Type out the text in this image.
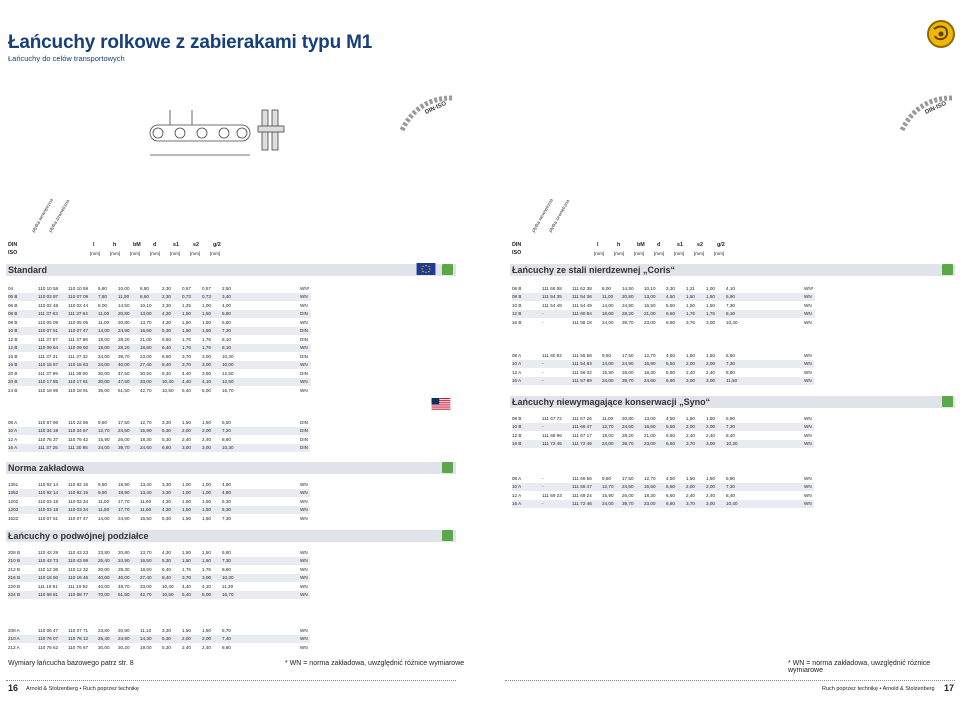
Łańcuchy rolkowe z zabierakami typu M1
Łańcuchy do celów transportowych
DIN·ISO	DIN·ISO
płytka wewnętrzna
płytka zewnętrzna	płytka wewnętrzna
płytka zewnętrzna
DIN
ISO
l	h	bM d	s1	s2	g/2
[mm] [mm] [mm] [mm] [mm] [mm] [mm]
DIN
ISO
l	h	bM d	s1	s2	g/2
[mm] [mm] [mm] [mm] [mm] [mm] [mm]
Standard
Norma zakładowa
Łańcuchy o podwójnej podziałce
Łańcuchy ze stali nierdzewnej „Coris“
Łańcuchy niewymagające konserwacji „Syno“
04	110 10 58	110 10 59	5,80	10,00	6,80	2,30	0,57	0,57	2,50	WN*
05 B	110 03 97	110 07 09	7,80	11,90	8,60	2,30	0,73	0,73	3,40	WN
06 B	110 02 48	110 02 44	8,00	14,50	10,10	3,30	1,25	1,00	4,00	WN
08 B	111 37 63	111 37 64	11,00	20,80	13,00	4,30	1,50	1,50	5,80	DIN
08 B	110 05 09	110 05 05	11,00	20,80	13,70	4,30	1,50	1,50	5,80	WN
10 B	110 07 51	110 07 47	14,00	24,90	16,50	5,30	1,50	1,50	7,30	DIN
12 B	111 37 87	111 37 88	18,00	28,20	21,00	6,60	1,76	1,76	8,10	DIN
12 B	110 09 64	110 09 60	18,00	28,20	18,50	6,40	1,76	1,76	8,10	WN
16 B	111 37 31	111 37 32	24,00	39,70	23,00	6,60	3,70	3,00	10,30	DIN
16 B	110 15 67	110 15 63	24,00	40,00	27,40	8,40	3,70	3,00	10,00	WN
20 B	111 37 99	111 38 00	30,00	47,50	30,50	8,40	4,40	3,50	12,50	DIN
20 B	110 17 85	110 17 81	30,00	47,50	33,00	10,40	4,40	4,10	12,50	WN
24 B	110 18 95	110 18 91	36,00	61,50	42,70	10,50	5,40	5,00	16,70	WN
08 A	110 67 96	110 22 86	9,50	17,50	12,70	3,30	1,50	1,50	5,50	DIN
10 A	110 34 19	110 34 67	12,70	24,60	15,90	5,30	2,00	2,00	7,20	DIN
12 A	110 76 37	110 76 42	15,90	26,00	18,30	5,30	2,40	2,40	8,60	DIN
16 A	111 37 25	111 30 95	24,00	39,70	24,60	6,60	3,00	3,00	10,30	DIN
1351	110 92 14	110 92 15	9,50	18,90	13,40	3,30	1,00	1,00	4,80	WN
1352	110 92 14	110 92 15	9,50	18,90	13,40	3,30	1,00	1,00	4,80	WN
1202	110 03 18	110 03 34	11,50	17,70	11,60	4,30	1,50	1,50	5,30	WN
1203	110 03 18	110 03 34	11,50	17,70	11,60	4,30	1,50	1,50	5,30	WN
1622	110 07 51	110 07 47	14,00	24,90	16,50	5,30	1,50	1,50	7,30	WN
208 B	110 43 29	110 43 23	23,80	20,80	13,70	4,30	1,50	1,50	5,80	WN
210 B	110 43 73	110 43 69	25,40	24,90	16,50	5,30	1,50	1,50	7,30	WN
212 B	110 12 36	110 12 32	20,00	28,30	18,50	6,40	1,76	1,76	8,60	WN
216 B	110 16 50	110 16 46	40,00	40,00	27,40	8,40	3,70	3,00	10,30	WN
220 B	111 19 91	111 19 92	40,00	48,70	33,00	10,40	4,40	4,10	11,30	WN
224 B	110 68 81	110 68 77	70,00	61,50	42,70	10,50	5,40	5,00	16,70	WN
208 A	110 06 47	110 07 71	23,80	20,90	11,10	3,30	1,50	1,50	5,70	WN
210 A	110 76 07	110 76 12	25,40	24,90	14,30	5,30	2,00	2,00	7,40	WN
212 A	110 76 62	110 76 67	30,00	30,20	19,00	5,30	2,40	2,40	8,80	WN
06 B	111 68 58	111 62 38	8,00	14,50	10,10	3,30	1,21	1,00	4,10	WN*
08 B	111 54 35	111 54 36	11,00	20,80	13,00	4,50	1,50	1,50	5,90	WN
10 B	111 54 48	111 54 49	14,00	24,90	16,50	5,50	1,50	1,50	7,30	WN
12 B	-	111 60 84	18,00	28,20	21,00	6,60	1,76	1,76	8,10	WN
16 B	-	111 58 18	24,00	39,70	23,00	6,60	3,76	3,00	10,40	WN
08 A	111 60 92	111 55 58	9,50	17,50	12,70	4,50	1,50	1,50	5,60	WN
10 A	-	111 54 83	14,00	24,90	15,90	5,50	2,00	2,00	7,30	WN
12 A	-	111 56 32	15,90	26,00	18,30	5,50	2,40	2,40	8,80	WN
16 A	-	111 57 89	24,00	39,70	24,60	6,60	3,00	3,00	11,50	WN
08 B	111 67 72	111 67 26	11,00	20,80	13,00	4,50	1,50	1,50	5,90	WN
10 B	-	111 66 47	12,70	24,60	16,50	5,50	2,00	2,00	7,30	WN
12 B	111 68 96	111 67 17	18,00	28,20	21,00	6,60	2,40	2,40	8,40	WN
16 B	111 72 45	111 72 46	24,00	39,70	23,00	6,60	3,70	3,00	10,30	WN
08 A	-	111 66 56	9,50	17,50	12,70	4,50	1,50	1,50	5,90	WN
10 A	-	111 66 47	12,70	24,60	16,50	5,50	2,00	2,00	7,30	WN
12 A	111 69 23	111 69 24	15,90	26,00	18,30	6,60	2,40	2,40	8,40	WN
16 A	-	111 72 46	24,00	39,70	23,00	6,60	3,70	3,00	10,40	WN
Wymiary łańcucha bazowego patrz str. 8	* WN = norma zakładowa, uwzględnić różnice wymiarowe	* WN = norma zakładowa, uwzględnić różnice wymiarowe
16 Arnold & Stolzenberg • Ruch poprzez technikę	Ruch poprzez technikę • Arnold & Stolzenberg 17
